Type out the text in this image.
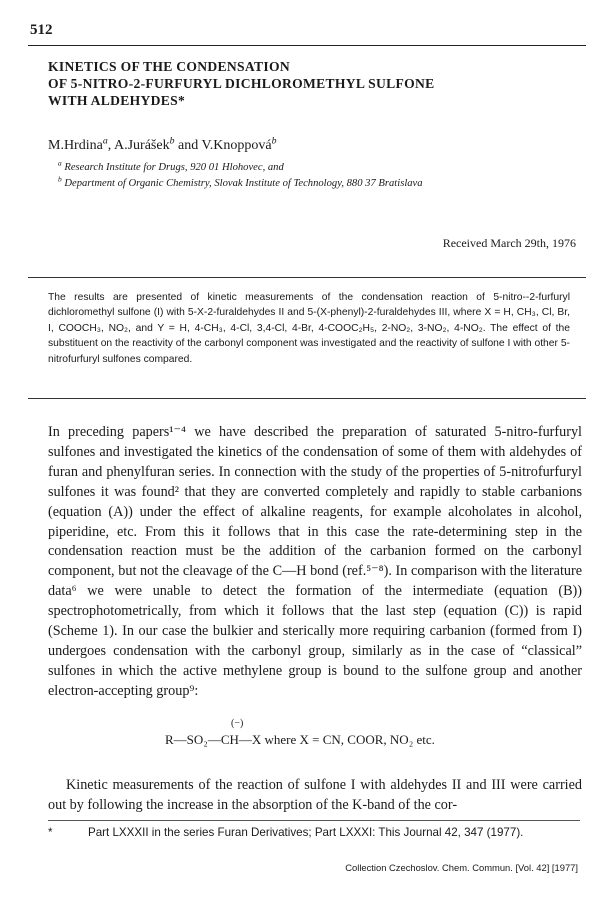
512
KINETICS OF THE CONDENSATION
OF 5-NITRO-2-FURFURYL DICHLOROMETHYL SULFONE
WITH ALDEHYDES*
M.Hrdina$^a$, A.Jurášek$^b$ and V.Knoppová$^b$
$^a$ Research Institute for Drugs, 920 01 Hlohovec, and
$^b$ Department of Organic Chemistry, Slovak Institute of Technology, 880 37 Bratislava
Received March 29th, 1976
The results are presented of kinetic measurements of the condensation reaction of 5-nitro--2-furfuryl dichloromethyl sulfone (I) with 5-X-2-furaldehydes II and 5-(X-phenyl)-2-furaldehydes III, where X = H, CH₃, Cl, Br, I, COOCH₃, NO₂, and Y = H, 4-CH₃, 4-Cl, 3,4-Cl, 4-Br, 4-COOC₂H₅, 2-NO₂, 3-NO₂, 4-NO₂. The effect of the substituent on the reactivity of the carbonyl component was investigated and the reactivity of sulfone I with other 5-nitrofurfuryl sulfones compared.
In preceding papers¹⁻⁴ we have described the preparation of saturated 5-nitro-furfuryl sulfones and investigated the kinetics of the condensation of some of them with aldehydes of furan and phenylfuran series. In connection with the study of the properties of 5-nitrofurfuryl sulfones it was found² that they are converted completely and rapidly to stable carbanions (equation (A)) under the effect of alkaline reagents, for example alcoholates in alcohol, piperidine, etc. From this it follows that in this case the rate-determining step in the condensation reaction must be the addition of the carbanion formed on the carbonyl component, but not the cleavage of the C—H bond (ref.⁵⁻⁸). In comparison with the literature data⁶ we were unable to detect the formation of the intermediate (equation (B)) spectrophotometrically, from which it follows that the last step (equation (C)) is rapid (Scheme 1). In our case the bulkier and sterically more requiring carbanion (formed from I) undergoes condensation with the carbonyl group, similarly as in the case of “classical” sulfones in which the active methylene group is bound to the sulfone group and another electron-accepting group⁹:
(−)
R—SO₂—CH—X where X = CN, COOR, NO₂ etc.
Kinetic measurements of the reaction of sulfone I with aldehydes II and III were carried out by following the increase in the absorption of the K-band of the cor-
*	Part LXXXII in the series Furan Derivatives; Part LXXXI: This Journal 42, 347 (1977).
Collection Czechoslov. Chem. Commun. [Vol. 42] [1977]
